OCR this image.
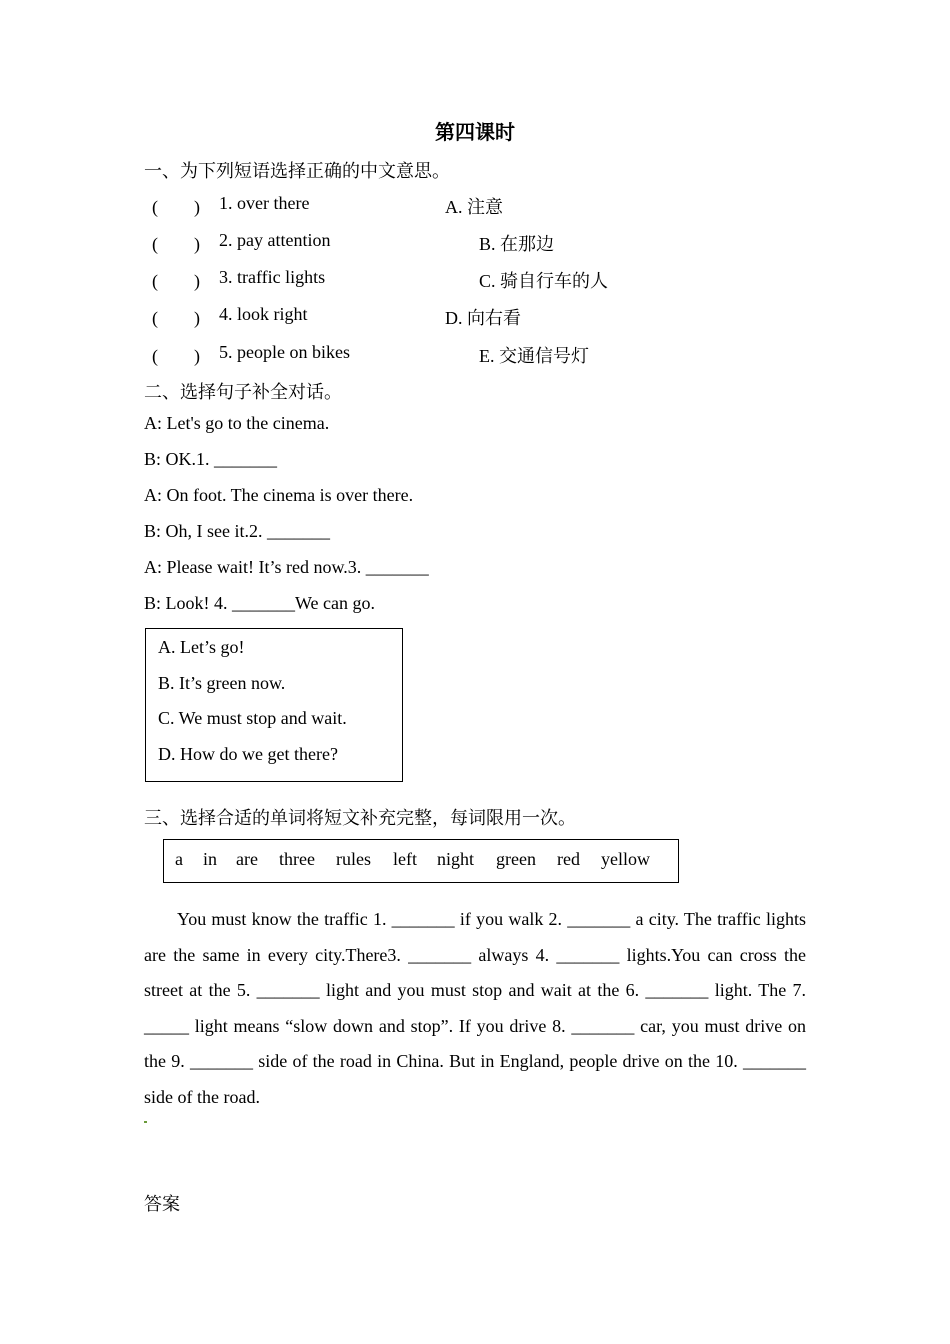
第四课时
一、为下列短语选择正确的中文意思。
(　　) 1. over there	A. 注意
(　　) 2. pay attention	B. 在那边
(　　) 3. traffic lights	C. 骑自行车的人
(　　) 4. look right	D. 向右看
(　　) 5. people on bikes	E. 交通信号灯
二、选择句子补全对话。
A: Let's go to the cinema.
B: OK.1. _______
A: On foot. The cinema is over there.
B: Oh, I see it.2. _______
A: Please wait! It’s red now.3. _______
B: Look! 4. _______We can go.
A. Let’s go!
B. It’s green now.
C. We must stop and wait.
D. How do we get there?
三、选择合适的单词将短文补充完整，每词限用一次。
a in are three rules left night green red yellow
You must know the traffic 1. _______ if you walk 2. _______ a city. The traffic lights are the same in every city.There3. _______ always 4. _______ lights.You can cross the street at the 5. _______ light and you must stop and wait at the 6. _______ light. The 7. _____ light means “slow down and stop”. If you drive 8. _______ car, you must drive on the 9. _______ side of the road in China. But in England, people drive on the 10. _______ side of the road.
答案
